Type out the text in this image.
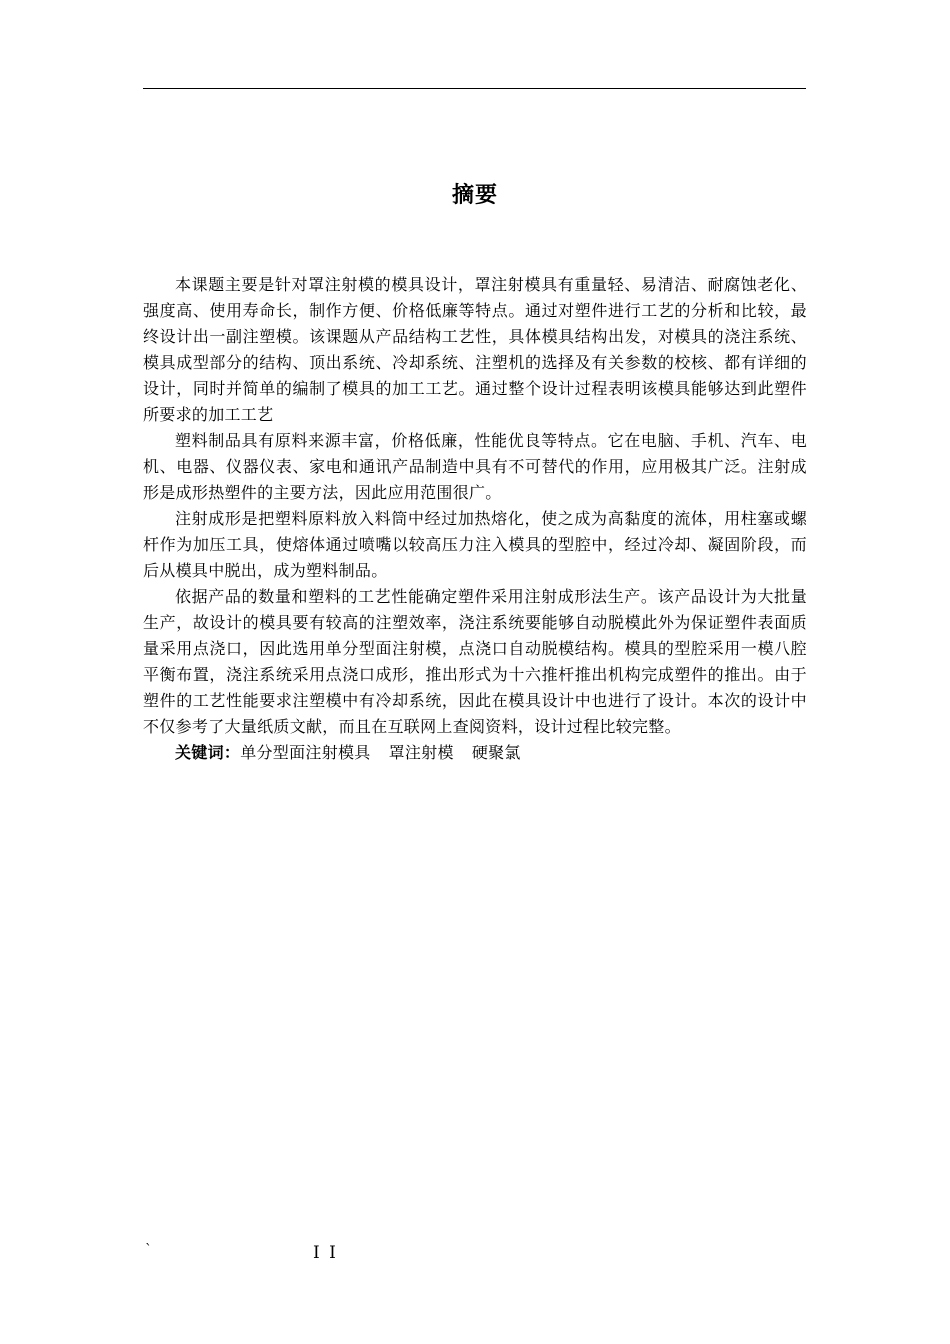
摘要

本课题主要是针对罩注射模的模具设计，罩注射模具有重量轻、易清洁、耐腐蚀老化、强度高、使用寿命长，制作方便、价格低廉等特点。通过对塑件进行工艺的分析和比较，最终设计出一副注塑模。该课题从产品结构工艺性，具体模具结构出发，对模具的浇注系统、模具成型部分的结构、顶出系统、冷却系统、注塑机的选择及有关参数的校核、都有详细的设计，同时并简单的编制了模具的加工工艺。通过整个设计过程表明该模具能够达到此塑件所要求的加工工艺

塑料制品具有原料来源丰富，价格低廉，性能优良等特点。它在电脑、手机、汽车、电机、电器、仪器仪表、家电和通讯产品制造中具有不可替代的作用，应用极其广泛。注射成形是成形热塑件的主要方法，因此应用范围很广。

注射成形是把塑料原料放入料筒中经过加热熔化，使之成为高黏度的流体，用柱塞或螺杆作为加压工具，使熔体通过喷嘴以较高压力注入模具的型腔中，经过冷却、凝固阶段，而后从模具中脱出，成为塑料制品。

依据产品的数量和塑料的工艺性能确定塑件采用注射成形法生产。该产品设计为大批量生产，故设计的模具要有较高的注塑效率，浇注系统要能够自动脱模此外为保证塑件表面质量采用点浇口，因此选用单分型面注射模，点浇口自动脱模结构。模具的型腔采用一模八腔平衡布置，浇注系统采用点浇口成形，推出形式为十六推杆推出机构完成塑件的推出。由于塑件的工艺性能要求注塑模中有冷却系统，因此在模具设计中也进行了设计。本次的设计中不仅参考了大量纸质文献，而且在互联网上查阅资料，设计过程比较完整。

关键词：单分型面注射模具 罩注射模 硬聚氯

`	I I
